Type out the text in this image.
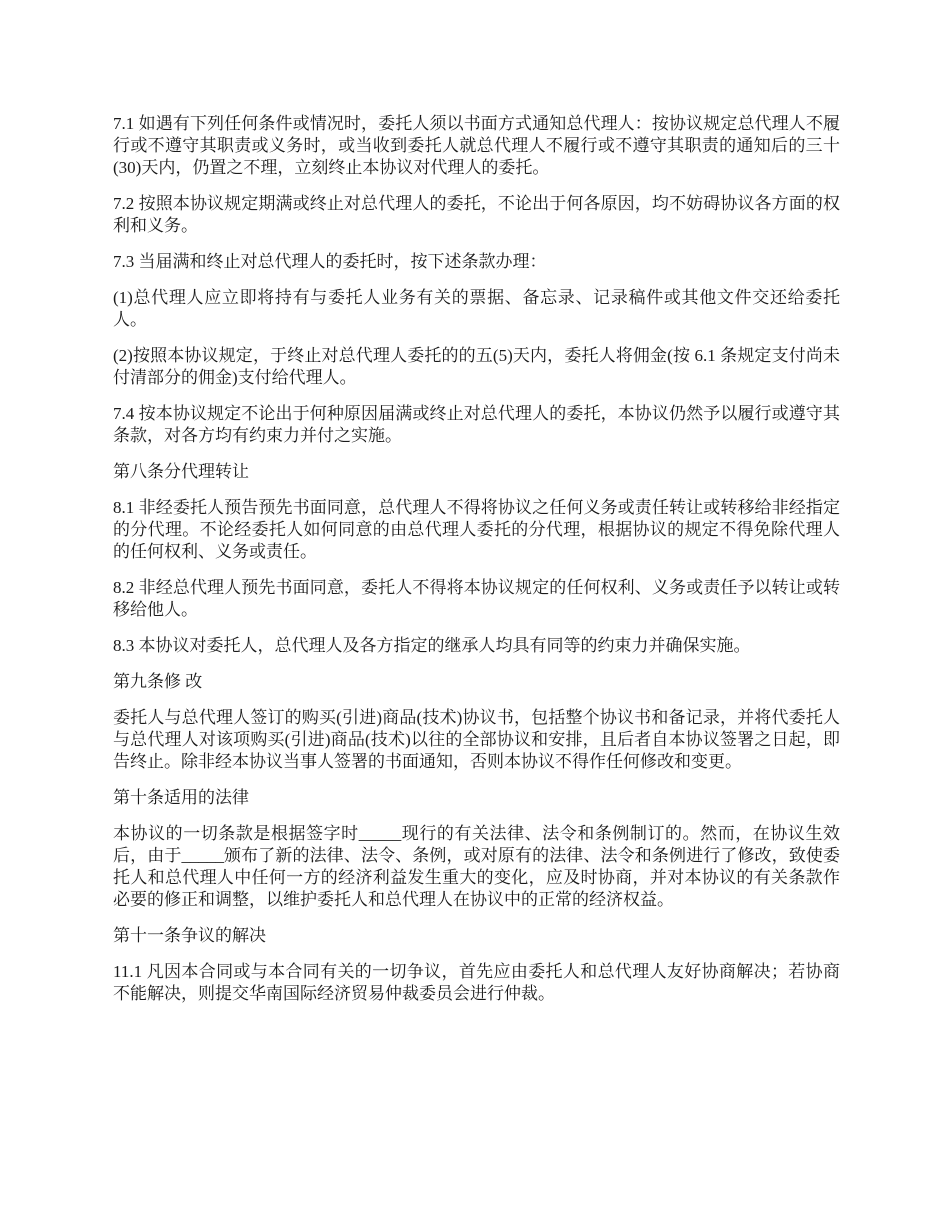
7.1 如遇有下列任何条件或情况时，委托人须以书面方式通知总代理人：按协议规定总代理人不履行或不遵守其职责或义务时，或当收到委托人就总代理人不履行或不遵守其职责的通知后的三十(30)天内，仍置之不理，立刻终止本协议对代理人的委托。

7.2 按照本协议规定期满或终止对总代理人的委托，不论出于何各原因，均不妨碍协议各方面的权利和义务。

7.3 当届满和终止对总代理人的委托时，按下述条款办理：

(1)总代理人应立即将持有与委托人业务有关的票据、备忘录、记录稿件或其他文件交还给委托人。

(2)按照本协议规定，于终止对总代理人委托的的五(5)天内，委托人将佣金(按 6.1 条规定支付尚未付清部分的佣金)支付给代理人。

7.4 按本协议规定不论出于何种原因届满或终止对总代理人的委托，本协议仍然予以履行或遵守其条款，对各方均有约束力并付之实施。

第八条分代理转让

8.1 非经委托人预告预先书面同意，总代理人不得将协议之任何义务或责任转让或转移给非经指定的分代理。不论经委托人如何同意的由总代理人委托的分代理，根据协议的规定不得免除代理人的任何权利、义务或责任。

8.2 非经总代理人预先书面同意，委托人不得将本协议规定的任何权利、义务或责任予以转让或转移给他人。

8.3 本协议对委托人，总代理人及各方指定的继承人均具有同等的约束力并确保实施。

第九条修 改

委托人与总代理人签订的购买(引进)商品(技术)协议书，包括整个协议书和备记录，并将代委托人与总代理人对该项购买(引进)商品(技术)以往的全部协议和安排，且后者自本协议签署之日起，即告终止。除非经本协议当事人签署的书面通知，否则本协议不得作任何修改和变更。

第十条适用的法律

本协议的一切条款是根据签字时_____现行的有关法律、法令和条例制订的。然而，在协议生效后，由于_____颁布了新的法律、法令、条例，或对原有的法律、法令和条例进行了修改，致使委托人和总代理人中任何一方的经济利益发生重大的变化，应及时协商，并对本协议的有关条款作必要的修正和调整，以维护委托人和总代理人在协议中的正常的经济权益。

第十一条争议的解决

11.1 凡因本合同或与本合同有关的一切争议，首先应由委托人和总代理人友好协商解决；若协商不能解决，则提交华南国际经济贸易仲裁委员会进行仲裁。
